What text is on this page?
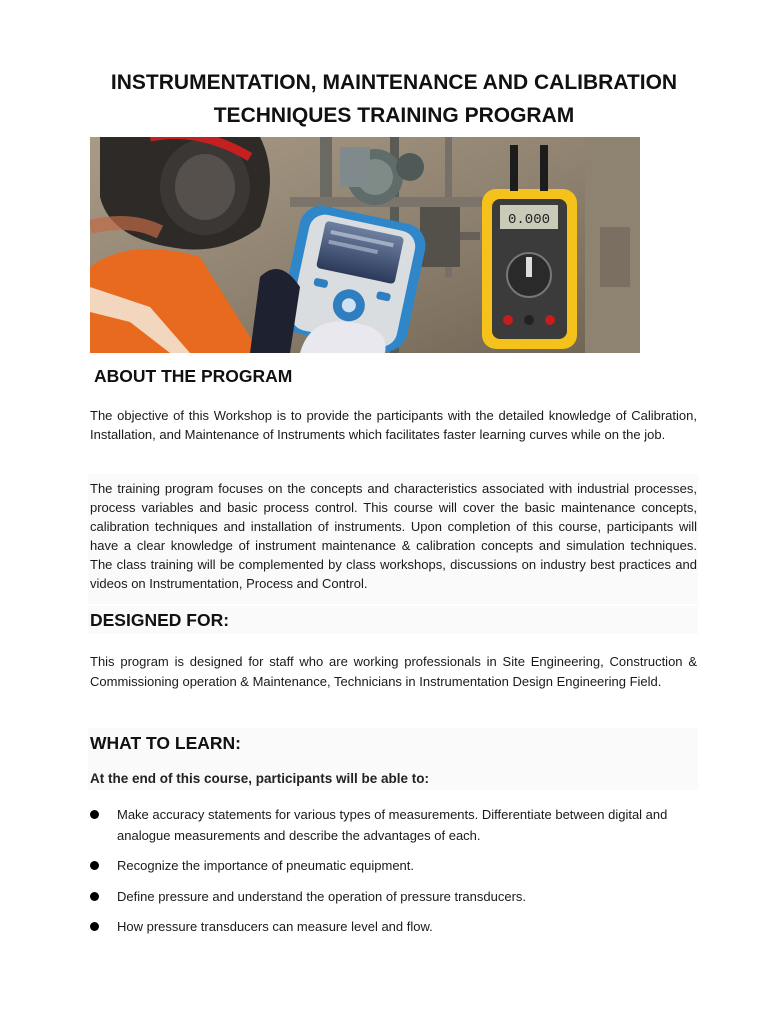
INSTRUMENTATION, MAINTENANCE AND CALIBRATION TECHNIQUES TRAINING PROGRAM
0.000
ABOUT THE PROGRAM
The objective of this Workshop is to provide the participants with the detailed knowledge of Calibration, Installation, and Maintenance of Instruments which facilitates faster learning curves while on the job.
The training program focuses on the concepts and characteristics associated with industrial processes, process variables and basic process control. This course will cover the basic maintenance concepts, calibration techniques and installation of instruments. Upon completion of this course, participants will have a clear knowledge of instrument maintenance & calibration concepts and simulation techniques. The class training will be complemented by class workshops, discussions on industry best practices and videos on Instrumentation, Process and Control.
DESIGNED FOR:
This program is designed for staff who are working professionals in Site Engineering, Construction & Commissioning operation & Maintenance, Technicians in Instrumentation Design Engineering Field.
WHAT TO LEARN:
At the end of this course, participants will be able to:
Make accuracy statements for various types of measurements. Differentiate between digital and analogue measurements and describe the advantages of each.
Recognize the importance of pneumatic equipment.
Define pressure and understand the operation of pressure transducers.
How pressure transducers can measure level and flow.
